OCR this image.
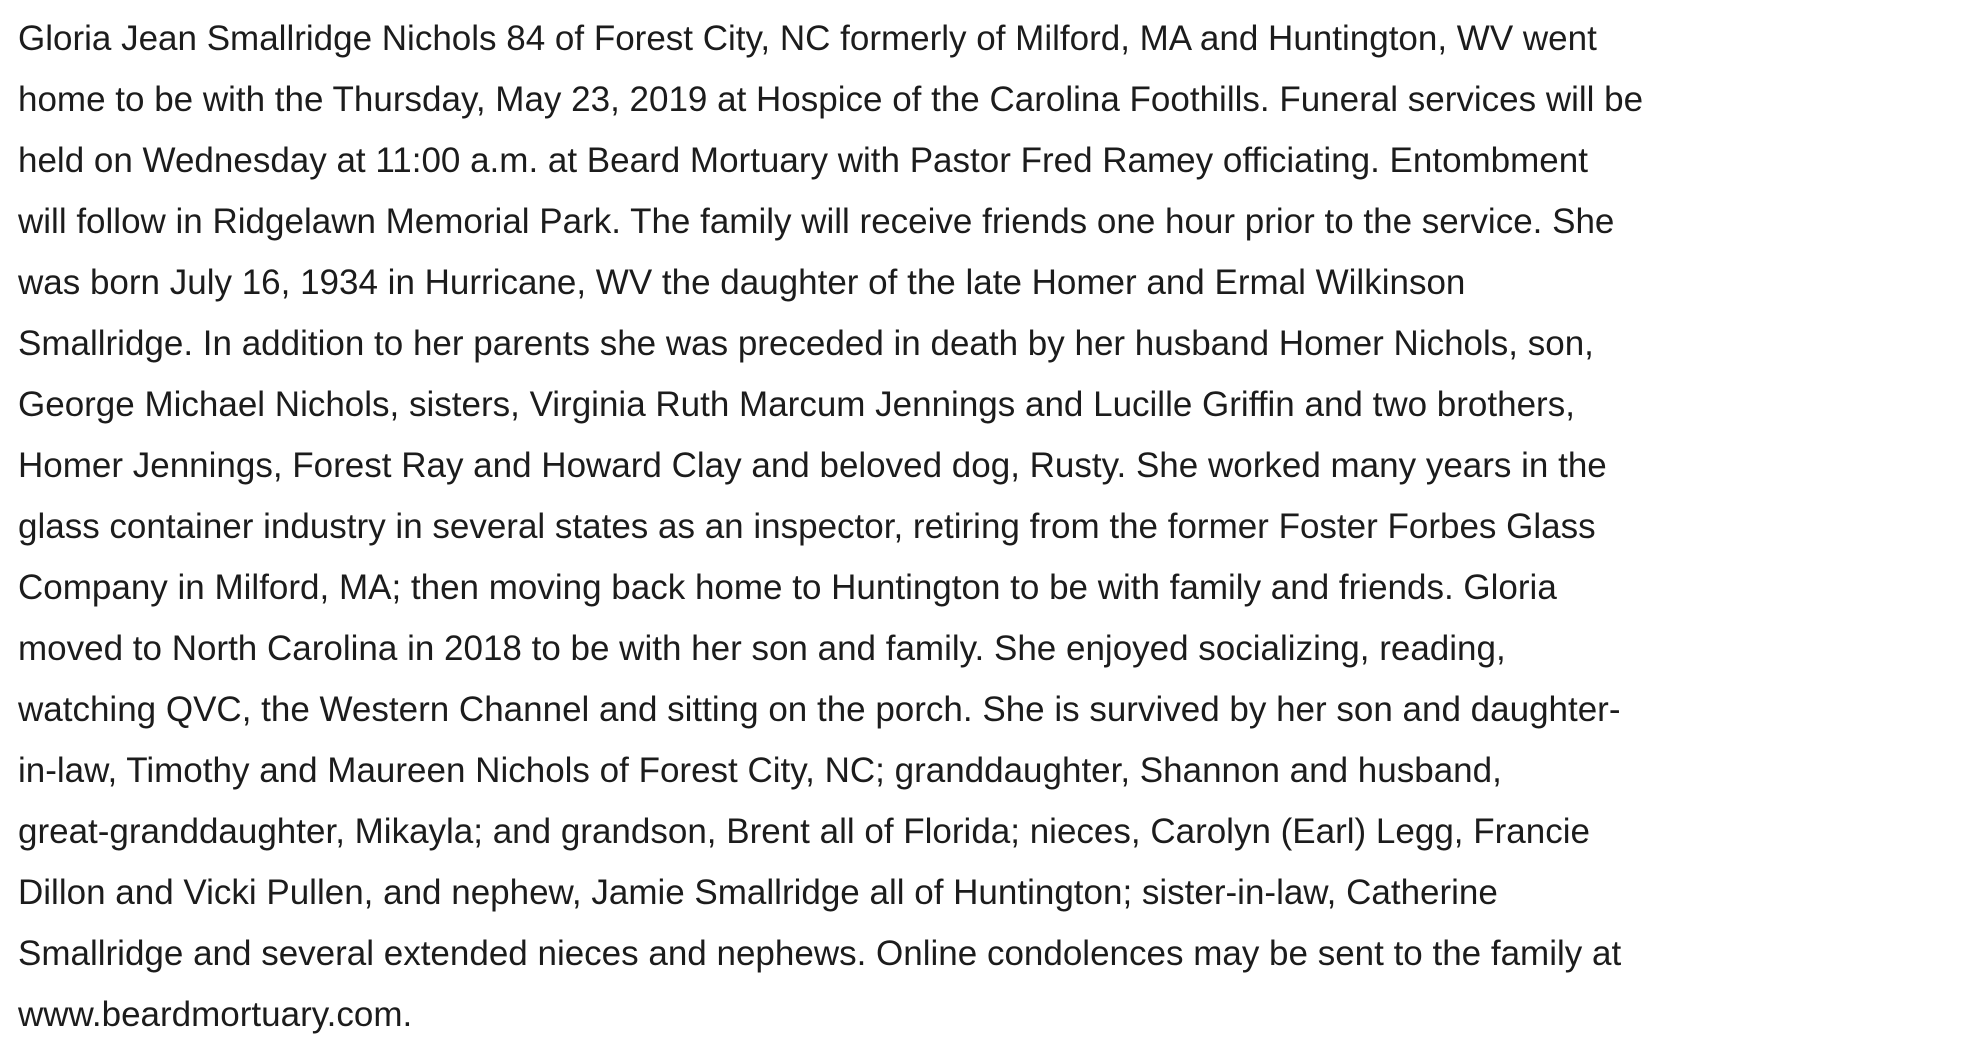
Gloria Jean Smallridge Nichols 84 of Forest City, NC formerly of Milford, MA and Huntington, WV went
home to be with the Thursday, May 23, 2019 at Hospice of the Carolina Foothills. Funeral services will be
held on Wednesday at 11:00 a.m. at Beard Mortuary with Pastor Fred Ramey officiating. Entombment
will follow in Ridgelawn Memorial Park. The family will receive friends one hour prior to the service. She
was born July 16, 1934 in Hurricane, WV the daughter of the late Homer and Ermal Wilkinson
Smallridge. In addition to her parents she was preceded in death by her husband Homer Nichols, son,
George Michael Nichols, sisters, Virginia Ruth Marcum Jennings and Lucille Griffin and two brothers,
Homer Jennings, Forest Ray and Howard Clay and beloved dog, Rusty. She worked many years in the
glass container industry in several states as an inspector, retiring from the former Foster Forbes Glass
Company in Milford, MA; then moving back home to Huntington to be with family and friends. Gloria
moved to North Carolina in 2018 to be with her son and family. She enjoyed socializing, reading,
watching QVC, the Western Channel and sitting on the porch. She is survived by her son and daughter-
in-law, Timothy and Maureen Nichols of Forest City, NC; granddaughter, Shannon and husband,
great-granddaughter, Mikayla; and grandson, Brent all of Florida; nieces, Carolyn (Earl) Legg, Francie
Dillon and Vicki Pullen, and nephew, Jamie Smallridge all of Huntington; sister-in-law, Catherine
Smallridge and several extended nieces and nephews. Online condolences may be sent to the family at
www.beardmortuary.com.
